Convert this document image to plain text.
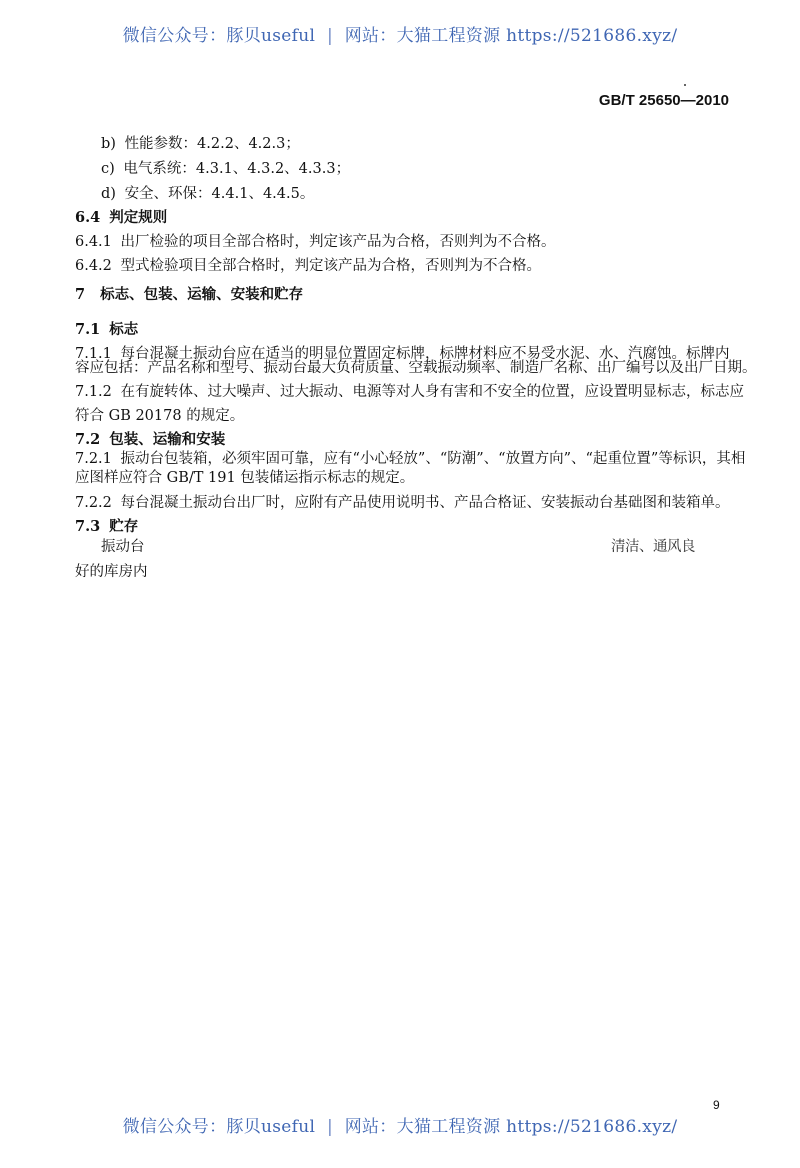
微信公众号：豚贝useful | 网站：大猫工程资源 https://521686.xyz/
GB/T 25650—2010
b) 性能参数：4.2.2、4.2.3；
c) 电气系统：4.3.1、4.3.2、4.3.3；
d) 安全、环保：4.4.1、4.4.5。
6.4 判定规则
6.4.1 出厂检验的项目全部合格时，判定该产品为合格，否则判为不合格。
6.4.2 型式检验项目全部合格时，判定该产品为合格，否则判为不合格。
7 标志、包装、运输、安装和贮存
7.1 标志
7.1.1 每台混凝土振动台应在适当的明显位置固定标牌，标牌材料应不易受水泥、水、汽腐蚀。标牌内
容应包括：产品名称和型号、振动台最大负荷质量、空载振动频率、制造厂名称、出厂编号以及出厂日期。
7.1.2 在有旋转体、过大噪声、过大振动、电源等对人身有害和不安全的位置，应设置明显标志，标志应
符合 GB 20178 的规定。
7.2 包装、运输和安装
7.2.1 振动台包装箱，必须牢固可靠，应有“小心轻放”、“防潮”、“放置方向”、“起重位置”等标识，其相
应图样应符合 GB/T 191 包装储运指示标志的规定。
7.2.2 每台混凝土振动台出厂时，应附有产品使用说明书、产品合格证、安装振动台基础图和装箱单。
7.3 贮存
振动台	清洁、通风良
好的库房内
9
微信公众号：豚贝useful | 网站：大猫工程资源 https://521686.xyz/
